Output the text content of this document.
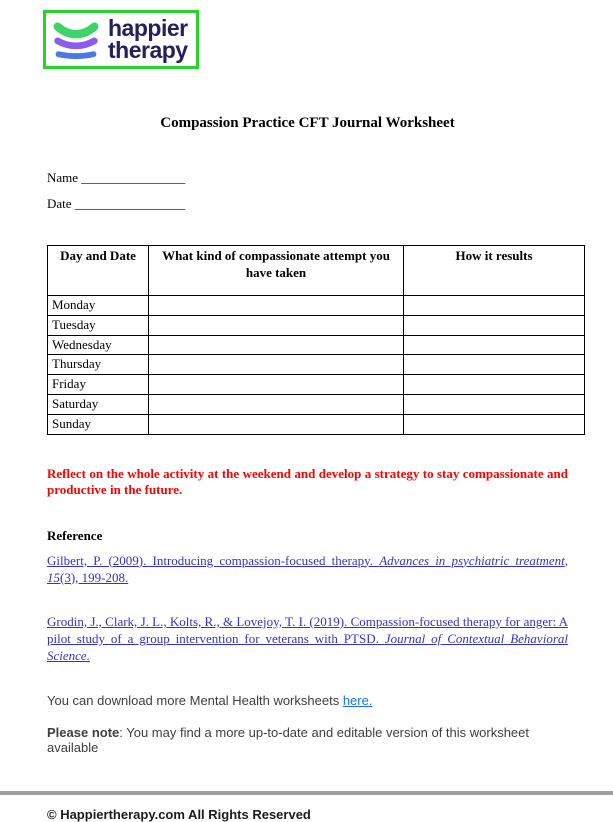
happier
therapy
Compassion Practice CFT Journal Worksheet

Name ________________

Date _________________

Day and Date	What kind of compassionate attempt you have taken	How it results
Monday		
Tuesday		
Wednesday		
Thursday		
Friday		
Saturday		
Sunday		

Reflect on the whole activity at the weekend and develop a strategy to stay compassionate and productive in the future.

Reference

Gilbert, P. (2009). Introducing compassion-focused therapy. Advances in psychiatric treatment, 15(3), 199-208.

Grodin, J., Clark, J. L., Kolts, R., & Lovejoy, T. I. (2019). Compassion-focused therapy for anger: A pilot study of a group intervention for veterans with PTSD. Journal of Contextual Behavioral Science.

You can download more Mental Health worksheets here.

Please note: You may find a more up-to-date and editable version of this worksheet available

© Happiertherapy.com All Rights Reserved
